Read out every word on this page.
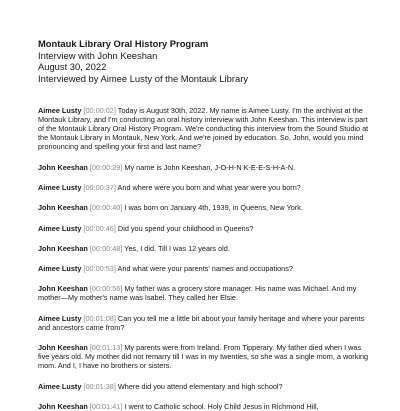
Montauk Library Oral History Program
Interview with John Keeshan
August 30, 2022
Interviewed by Aimee Lusty of the Montauk Library

Aimee Lusty [00:00:02] Today is August 30th, 2022. My name is Aimee Lusty. I'm the archivist at the Montauk Library, and I'm conducting an oral history interview with John Keeshan. This interview is part of the Montauk Library Oral History Program. We're conducting this interview from the Sound Studio at the Montauk Library in Montauk, New York. And we're joined by education. So, John, would you mind pronouncing and spelling your first and last name?

John Keeshan [00:00:29] My name is John Keeshan, J-O-H-N K-E-E-S-H-A-N.

Aimee Lusty [00:00:37] And where were you born and what year were you born?

John Keeshan [00:00:40] I was born on January 4th, 1939, in Queens, New York.

Aimee Lusty [00:00:46] Did you spend your childhood in Queens?

John Keeshan [00:00:48] Yes, I did. Till I was 12 years old.

Aimee Lusty [00:00:53] And what were your parents' names and occupations?

John Keeshan [00:00:56] My father was a grocery store manager. His name was Michael. And my mother—My mother's name was Isabel. They called her Elsie.

Aimee Lusty [00:01:08] Can you tell me a little bit about your family heritage and where your parents and ancestors came from?

John Keeshan [00:01:13] My parents were from Ireland. From Tipperary. My father died when I was five years old. My mother did not remarry till I was in my twenties, so she was a single mom, a working mom. And I, I have no brothers or sisters.

Aimee Lusty [00:01:38] Where did you attend elementary and high school?

John Keeshan [00:01:41] I went to Catholic school. Holy Child Jesus in Richmond Hill,
